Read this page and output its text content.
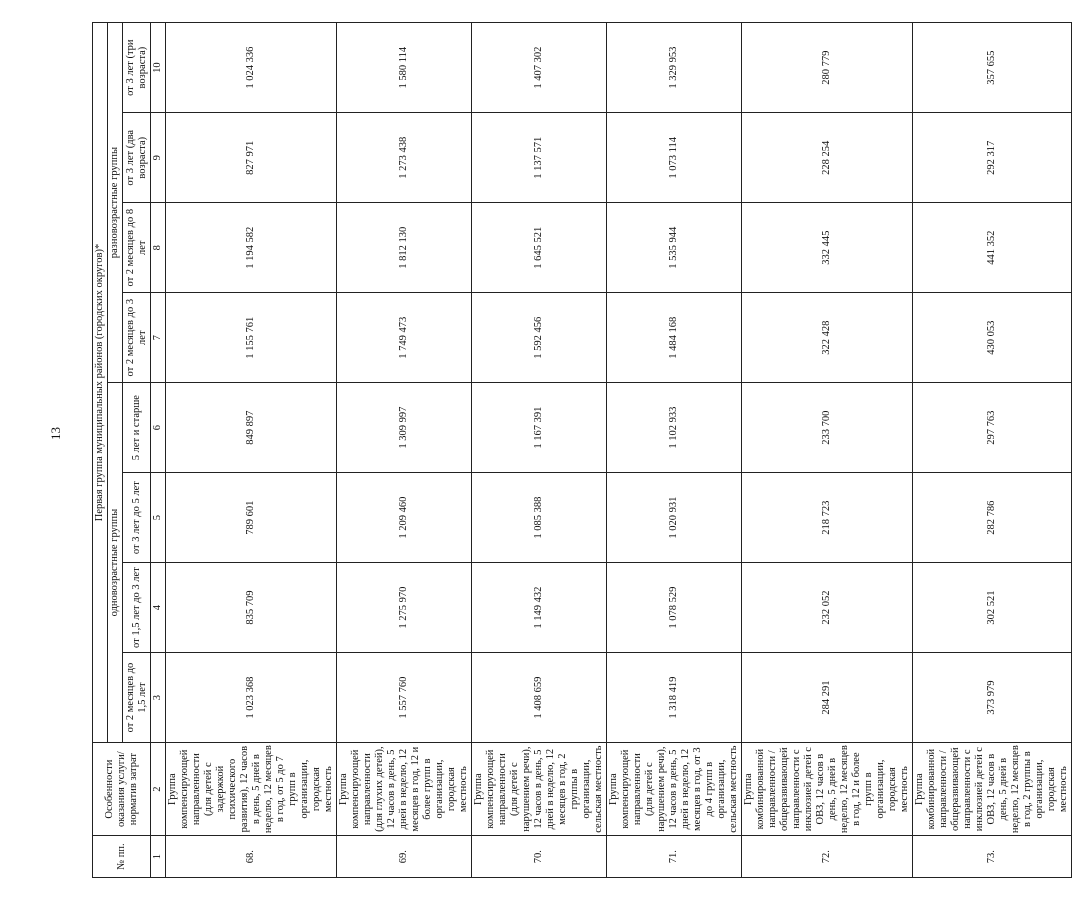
13
№ пп.	Особенности оказания услуги/ норматив затрат	Первая группа муниципальных районов (городских округов)*							
		одновозрастные группы				разновозрастные группы			
		от 2 месяцев до 1,5 лет	от 1,5 лет до 3 лет	от 3 лет до 5 лет	5 лет и старше	от 2 месяцев до 3 лет	от 2 месяцев до 8 лет	от 3 лет (два возраста)	от 3 лет (три возраста)
1	2	3	4	5	6	7	8	9	10
68.	Группа компенсирующей направленности (для детей с задержкой психического развития), 12 часов в день, 5 дней в неделю, 12 месяцев в год, от 5 до 7 групп в организации, городская местность	1 023 368	835 709	789 601	849 897	1 155 761	1 194 582	827 971	1 024 336
69.	Группа компенсирующей направленности (для глухих детей), 12 часов в день, 5 дней в неделю, 12 месяцев в год, 12 и более групп в организации, городская местность	1 557 760	1 275 970	1 209 460	1 309 997	1 749 473	1 812 130	1 273 438	1 580 114
70.	Группа компенсирующей направленности (для детей с нарушением речи), 12 часов в день, 5 дней в неделю, 12 месяцев в год, 2 группы в организации, сельская местность	1 408 659	1 149 432	1 085 388	1 167 391	1 592 456	1 645 521	1 137 571	1 407 302
71.	Группа компенсирующей направленности (для детей с нарушением речи), 12 часов в день, 5 дней в неделю, 12 месяцев в год, от 3 до 4 групп в организации, сельская местность	1 318 419	1 078 529	1 020 931	1 102 933	1 484 168	1 535 944	1 073 114	1 329 953
72.	Группа комбинированной направленности / общеразвивающей направленности с инклюзией детей с ОВЗ, 12 часов в день, 5 дней в неделю, 12 месяцев в год, 12 и более групп в организации, городская местность	284 291	232 052	218 723	233 700	322 428	332 445	228 254	280 779
73.	Группа комбинированной направленности / общеразвивающей направленности с инклюзией детей с ОВЗ, 12 часов в день, 5 дней в неделю, 12 месяцев в год, 2 группы в организации, городская местность	373 979	302 521	282 786	297 763	430 053	441 352	292 317	357 655
